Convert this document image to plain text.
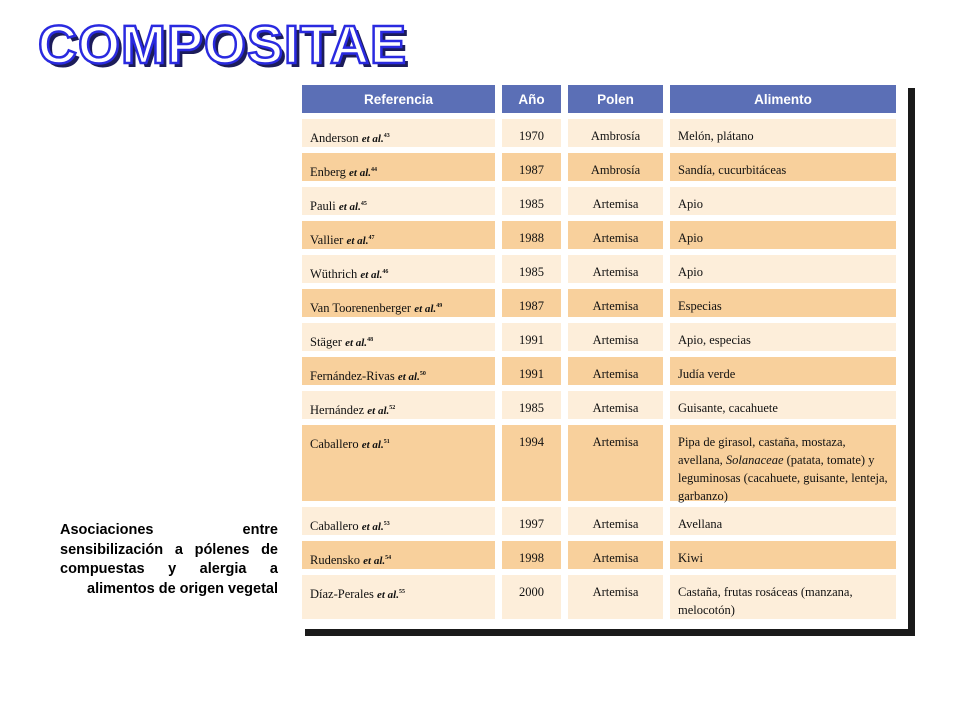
COMPOSITAE
Asociaciones entre sensibilización a pólenes de compuestas y alergia a alimentos de origen vegetal
Referencia	Año	Polen	Alimento
Anderson et al.$^{43}$	1970	Ambrosía	Melón, plátano
Enberg et al.$^{44}$	1987	Ambrosía	Sandía, cucurbitáceas
Pauli et al.$^{45}$	1985	Artemisa	Apio
Vallier et al.$^{47}$	1988	Artemisa	Apio
Wüthrich et al.$^{46}$	1985	Artemisa	Apio
Van Toorenenberger et al.$^{49}$	1987	Artemisa	Especias
Stäger et al.$^{48}$	1991	Artemisa	Apio, especias
Fernández-Rivas et al.$^{50}$	1991	Artemisa	Judía verde
Hernández et al.$^{52}$	1985	Artemisa	Guisante, cacahuete
Caballero et al.$^{51}$	1994	Artemisa	Pipa de girasol, castaña, mostaza, avellana, Solanaceae (patata, tomate) y leguminosas (cacahuete, guisante, lenteja, garbanzo)
Caballero et al.$^{53}$	1997	Artemisa	Avellana
Rudensko et al.$^{54}$	1998	Artemisa	Kiwi
Díaz-Perales et al.$^{55}$	2000	Artemisa	Castaña, frutas rosáceas (manzana, melocotón)
